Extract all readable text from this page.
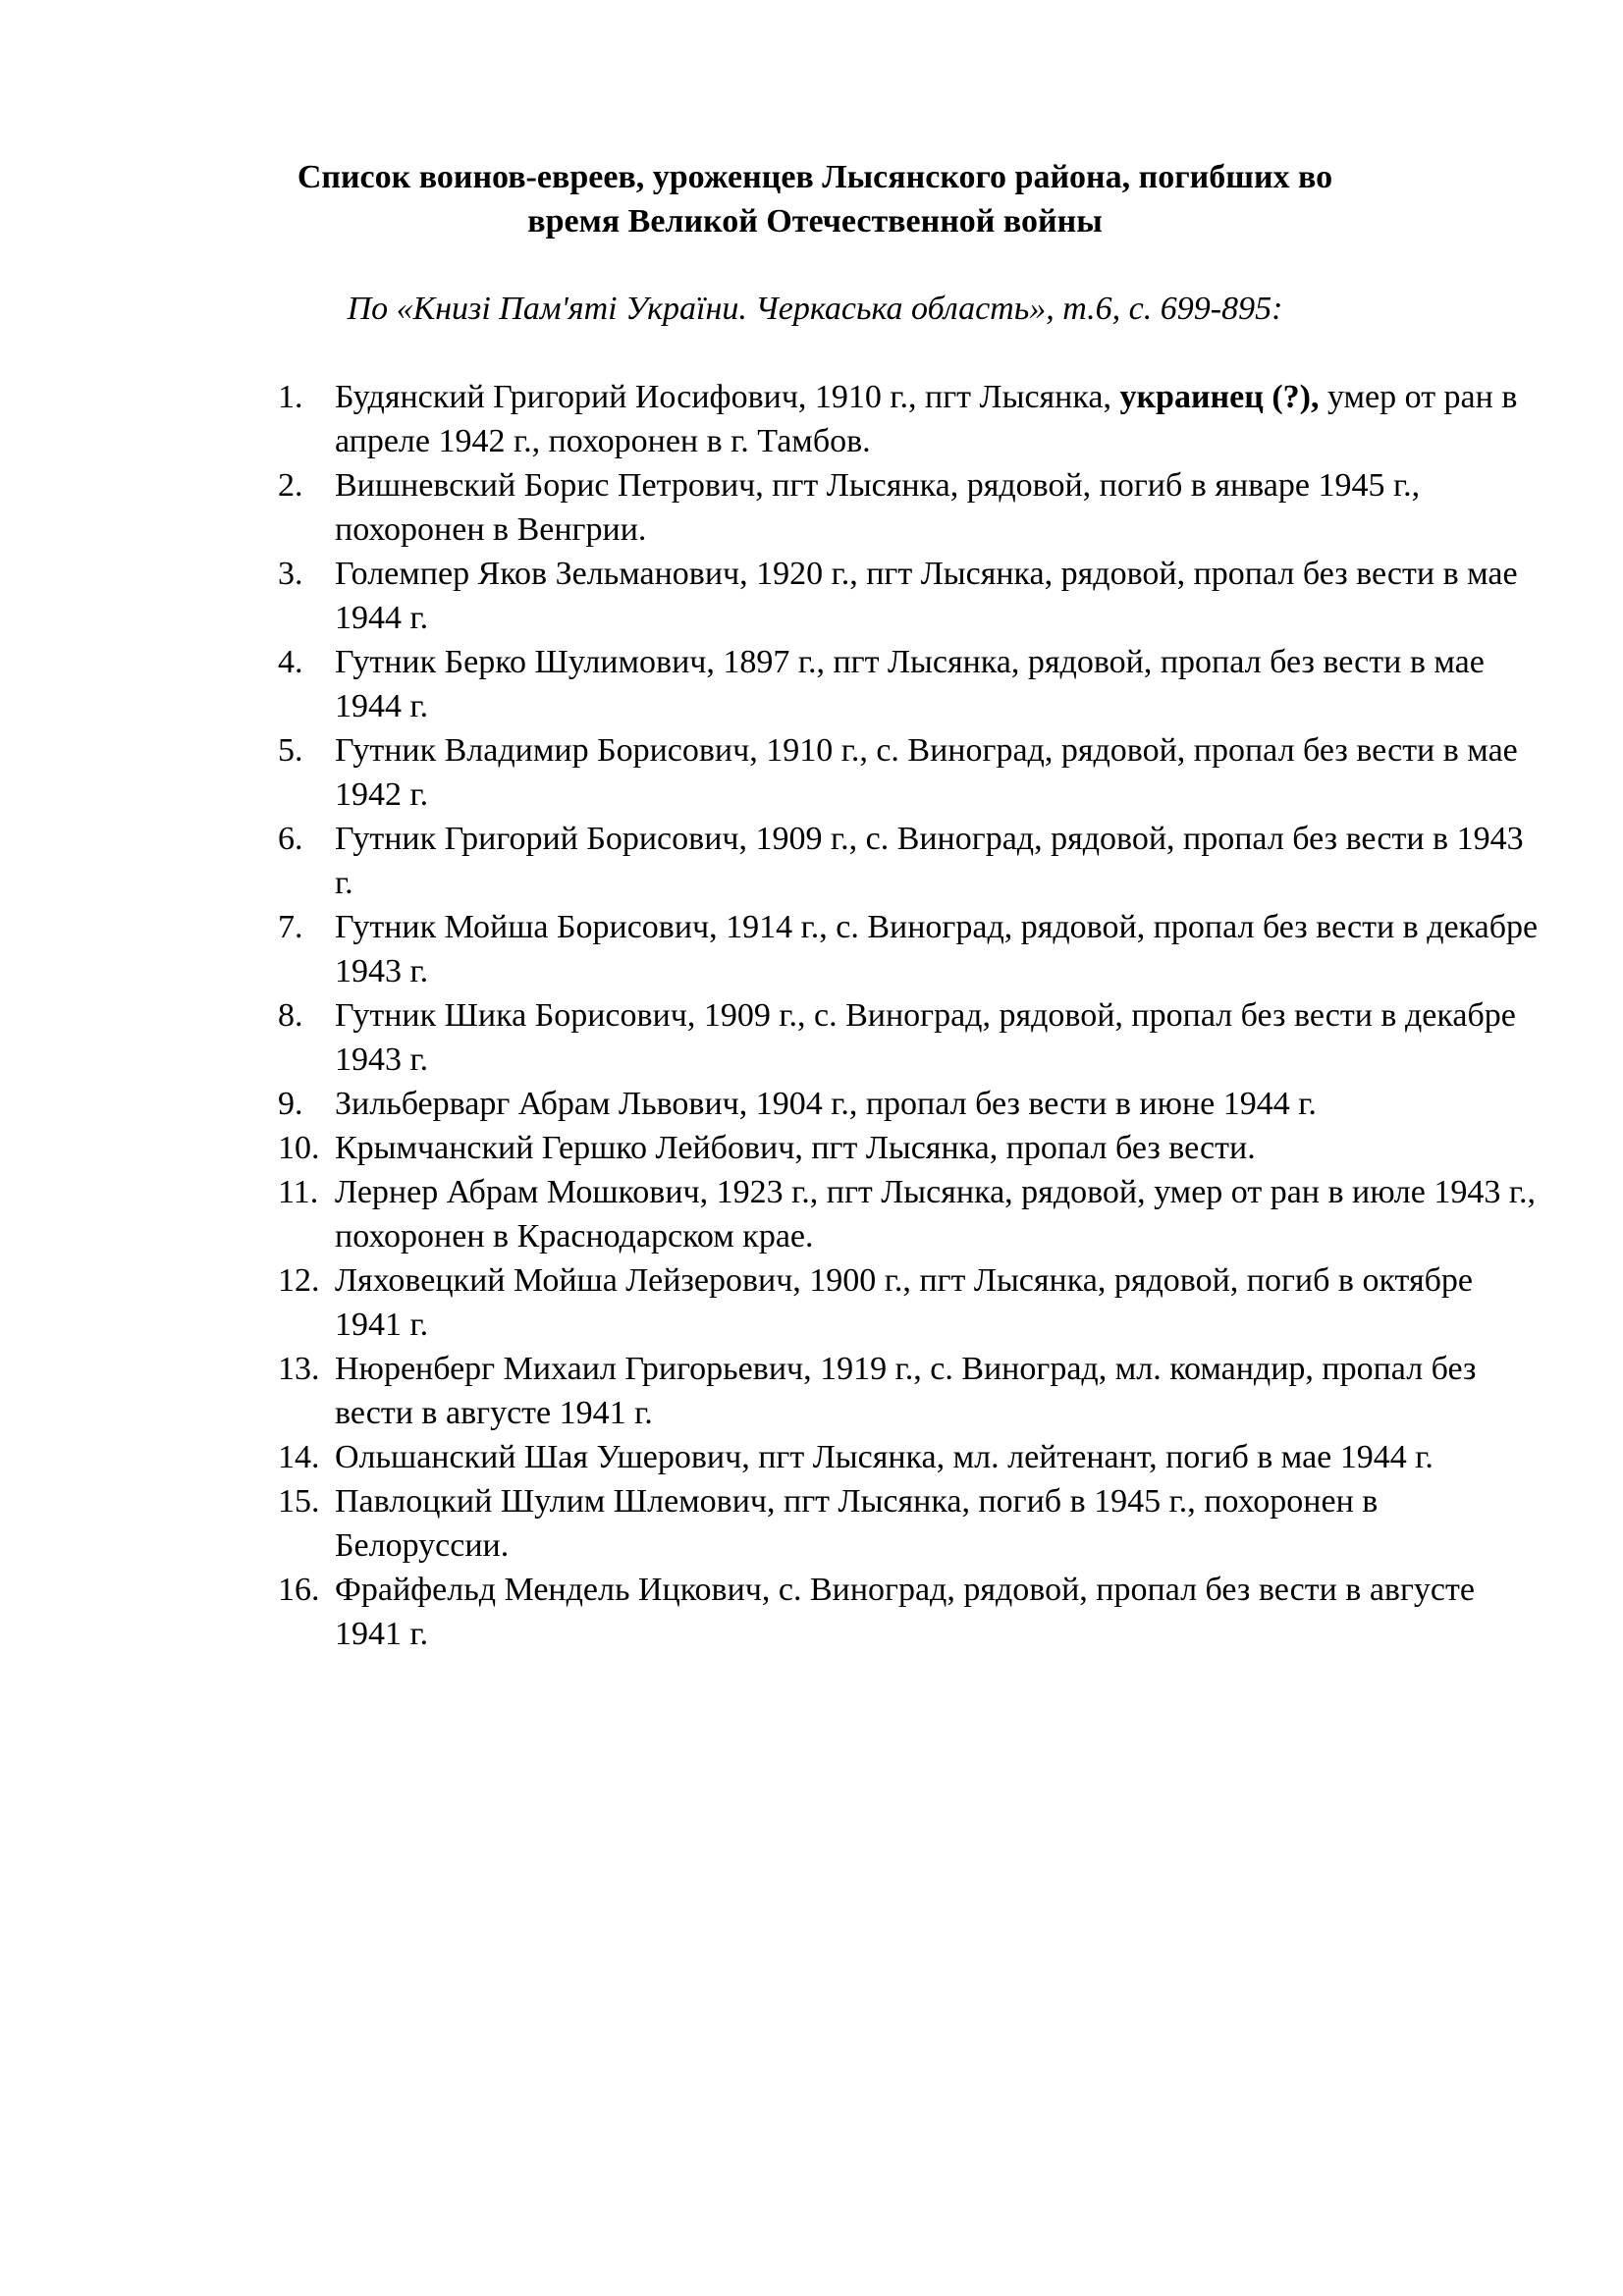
Список воинов-евреев, уроженцев Лысянского района, погибших во
время Великой Отечественной войны
По «Книзі Пам'яті України. Черкаська область», т.6, с. 699-895:
1. Будянский Григорий Иосифович, 1910 г., пгт Лысянка, украинец (?), умер от ран в апреле 1942 г., похоронен в г. Тамбов.
2. Вишневский Борис Петрович, пгт Лысянка, рядовой, погиб в январе 1945 г., похоронен в Венгрии.
3. Големпер Яков Зельманович, 1920 г., пгт Лысянка, рядовой, пропал без вести в мае 1944 г.
4. Гутник Берко Шулимович, 1897 г., пгт Лысянка, рядовой, пропал без вести в мае 1944 г.
5. Гутник Владимир Борисович, 1910 г., с. Виноград, рядовой, пропал без вести в мае 1942 г.
6. Гутник Григорий Борисович, 1909 г., с. Виноград, рядовой, пропал без вести в 1943 г.
7. Гутник Мойша Борисович, 1914 г., с. Виноград, рядовой, пропал без вести в декабре 1943 г.
8. Гутник Шика Борисович, 1909 г., с. Виноград, рядовой, пропал без вести в декабре 1943 г.
9. Зильберварг Абрам Львович, 1904 г., пропал без вести в июне 1944 г.
10. Крымчанский Гершко Лейбович, пгт Лысянка, пропал без вести.
11. Лернер Абрам Мошкович, 1923 г., пгт Лысянка, рядовой, умер от ран в июле 1943 г., похоронен в Краснодарском крае.
12. Ляховецкий Мойша Лейзерович, 1900 г., пгт Лысянка, рядовой, погиб в октябре 1941 г.
13. Нюренберг Михаил Григорьевич, 1919 г., с. Виноград, мл. командир, пропал без вести в августе 1941 г.
14. Ольшанский Шая Ушерович, пгт Лысянка, мл. лейтенант, погиб в мае 1944 г.
15. Павлоцкий Шулим Шлемович, пгт Лысянка, погиб в 1945 г., похоронен в Белоруссии.
16. Фрайфельд Мендель Ицкович, с. Виноград, рядовой, пропал без вести в августе 1941 г.
